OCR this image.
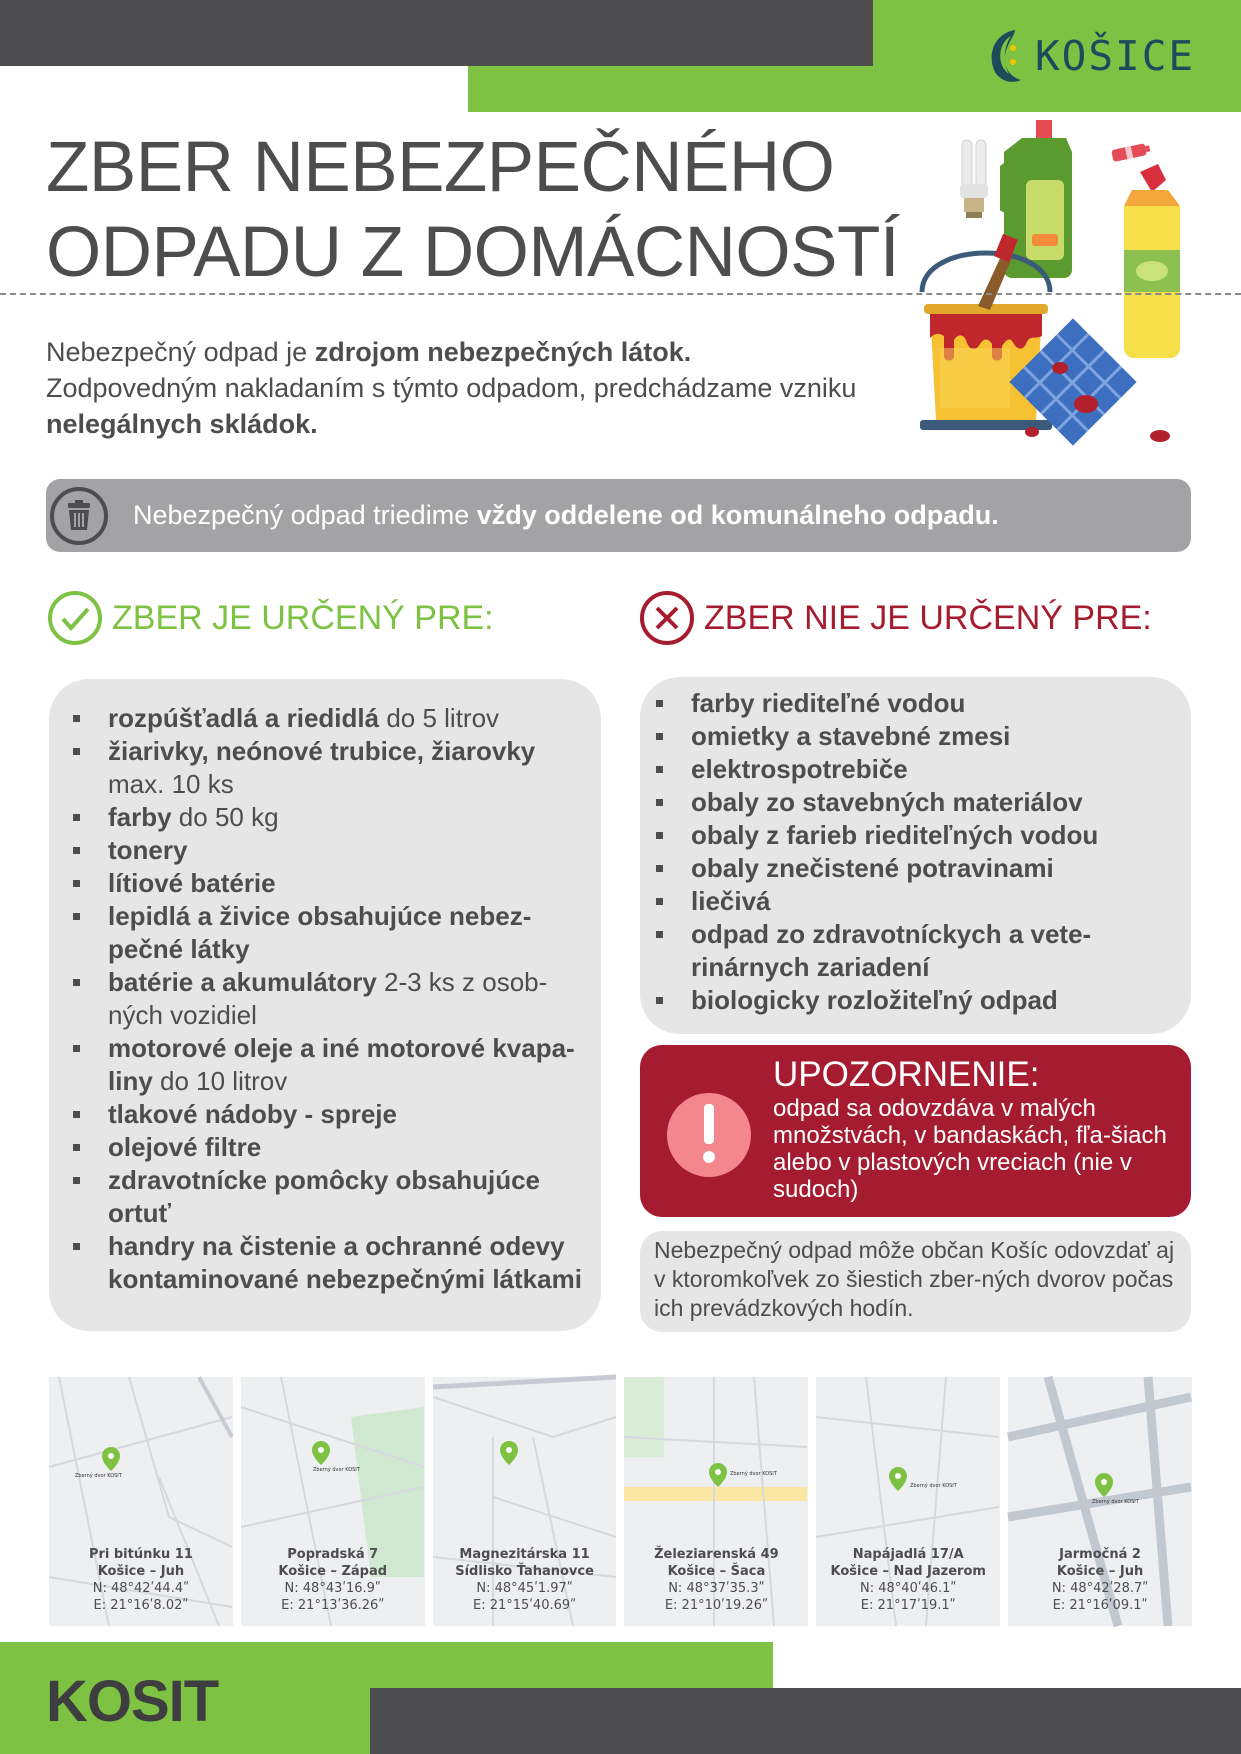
KOŠICE
ZBER NEBEZPEČNÉHO
ODPADU Z DOMÁCNOSTÍ
Nebezpečný odpad je zdrojom nebezpečných látok.
Zodpovedným nakladaním s týmto odpadom, predchádzame vzniku
nelegálnych skládok.
Nebezpečný odpad triedime vždy oddelene od komunálneho odpadu.
ZBER JE URČENÝ PRE:	ZBER NIE JE URČENÝ PRE:
rozpúšťadlá a riedidlá do 5 litrov
žiarivky, neónové trubice, žiarovky max. 10 ks
farby do 50 kg
tonery
lítiové batérie
lepidlá a živice obsahujúce nebez-pečné látky
batérie a akumulátory 2-3 ks z osob-ných vozidiel
motorové oleje a iné motorové kvapa-liny do 10 litrov
tlakové nádoby - spreje
olejové filtre
zdravotnícke pomôcky obsahujúce ortuť
handry na čistenie a ochranné odevy kontaminované nebezpečnými látkami
farby riediteľné vodou
omietky a stavebné zmesi
elektrospotrebiče
obaly zo stavebných materiálov
obaly z farieb riediteľných vodou
obaly znečistené potravinami
liečivá
odpad zo zdravotníckych a vete-rinárnych zariadení
biologicky rozložiteľný odpad
UPOZORNENIE:
odpad sa odovzdáva v malých množstvách, v bandaskách, fľa-šiach alebo v plastových vreciach (nie v sudoch)
Nebezpečný odpad môže občan Košíc odovzdať aj v ktoromkoľvek zo šiestich zber-ných dvorov počas ich prevádzkových hodín.
Zberný dvor KOSIT
Pri bitúnku 11
Košice – Juh
N: 48°42ʹ44.4ʺ
E: 21°16ʹ8.02ʺ
Zberný dvor KOSIT
Popradská 7
Košice – Západ
N: 48°43ʹ16.9ʺ
E: 21°13ʹ36.26ʺ
Magnezitárska 11
Sídlisko Ťahanovce
N: 48°45ʹ1.97ʺ
E: 21°15ʹ40.69ʺ
Zberný dvor KOSIT
Železiarenská 49
Košice – Šaca
N: 48°37ʹ35.3ʺ
E: 21°10ʹ19.26ʺ
Zberný dvor KOSIT
Napájadlá 17/A
Košice – Nad Jazerom
N: 48°40ʹ46.1ʺ
E: 21°17ʹ19.1ʺ
Zberný dvor KOSIT
Jarmočná 2
Košice – Juh
N: 48°42ʹ28.7ʺ
E: 21°16ʹ09.1ʺ
KOSIT
